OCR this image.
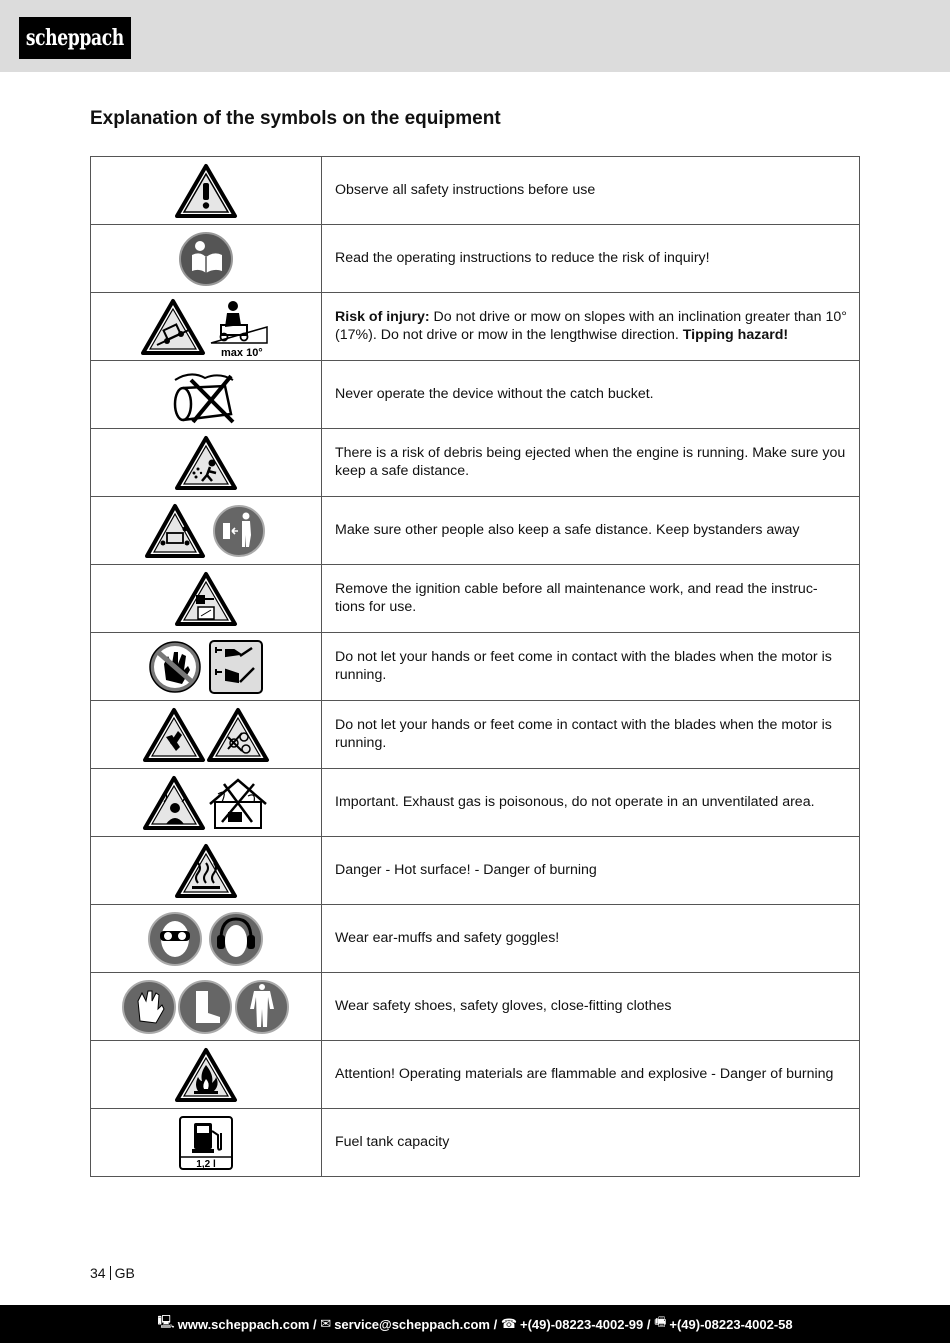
scheppach
Explanation of the symbols on the equipment
	Observe all safety instructions before use

	Read the operating instructions to reduce the risk of inquiry!

max 10°	Risk of injury: Do not drive or mow on slopes with an inclination greater than 10° (17%). Do not drive or mow in the lengthwise direction. Tipping hazard!

	Never operate the device without the catch bucket.

	There is a risk of debris being ejected when the engine is running. Make sure you keep a safe distance.

	Make sure other people also keep a safe distance. Keep bystanders away

	Remove the ignition cable before all maintenance work, and read the instruc-tions for use.

	Do not let your hands or feet come in contact with the blades when the motor is running.

	Do not let your hands or feet come in contact with the blades when the motor is running.

	Important. Exhaust gas is poisonous, do not operate in an unventilated area.

	Danger - Hot surface! - Danger of burning

	Wear ear-muffs and safety goggles!

	Wear safety shoes, safety gloves, close-fitting clothes

	Attention! Operating materials are flammable and explosive - Danger of burning

1,2 l	Fuel tank capacity
34 GB
🖳 www.scheppach.com /
✉ service@scheppach.com /
☎ +(49)-08223-4002-99 /
🖷 +(49)-08223-4002-58
